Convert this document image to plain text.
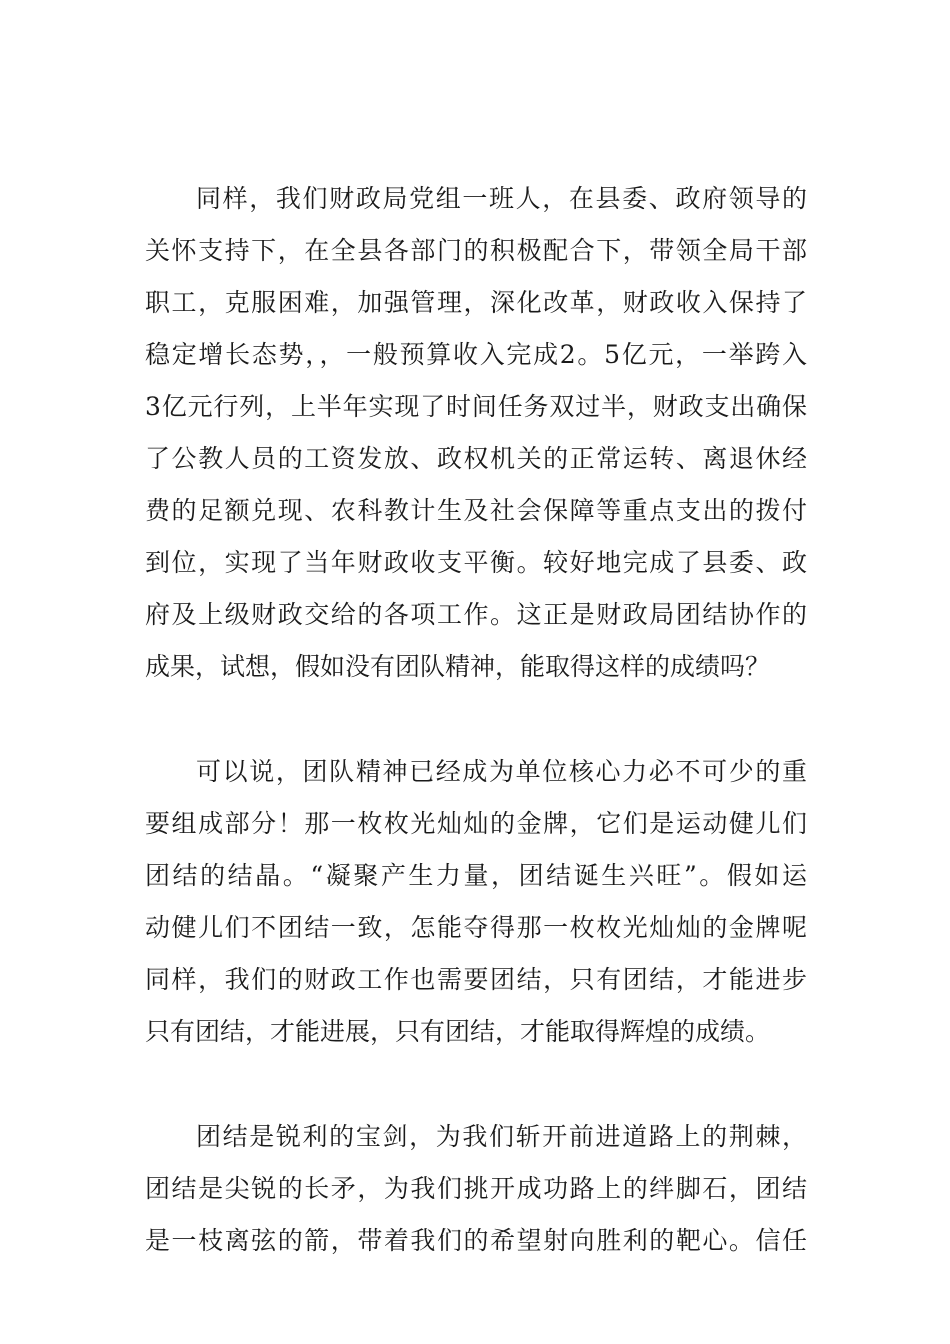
同样，我们财政局党组一班人，在县委、政府领导的
关怀支持下，在全县各部门的积极配合下，带领全局干部
职工，克服困难，加强管理，深化改革，财政收入保持了
稳定增长态势，，一般预算收入完成2。5亿元，一举跨入
3亿元行列，上半年实现了时间任务双过半，财政支出确保
了公教人员的工资发放、政权机关的正常运转、离退休经
费的足额兑现、农科教计生及社会保障等重点支出的拨付
到位，实现了当年财政收支平衡。较好地完成了县委、政
府及上级财政交给的各项工作。这正是财政局团结协作的
成果，试想，假如没有团队精神，能取得这样的成绩吗？
可以说，团队精神已经成为单位核心力必不可少的重
要组成部分！那一枚枚光灿灿的金牌，它们是运动健儿们
团结的结晶。“凝聚产生力量，团结诞生兴旺”。假如运
动健儿们不团结一致，怎能夺得那一枚枚光灿灿的金牌呢
同样，我们的财政工作也需要团结，只有团结，才能进步
只有团结，才能进展，只有团结，才能取得辉煌的成绩。
团结是锐利的宝剑，为我们斩开前进道路上的荆棘，
团结是尖锐的长矛，为我们挑开成功路上的绊脚石，团结
是一枝离弦的箭，带着我们的希望射向胜利的靶心。信任
